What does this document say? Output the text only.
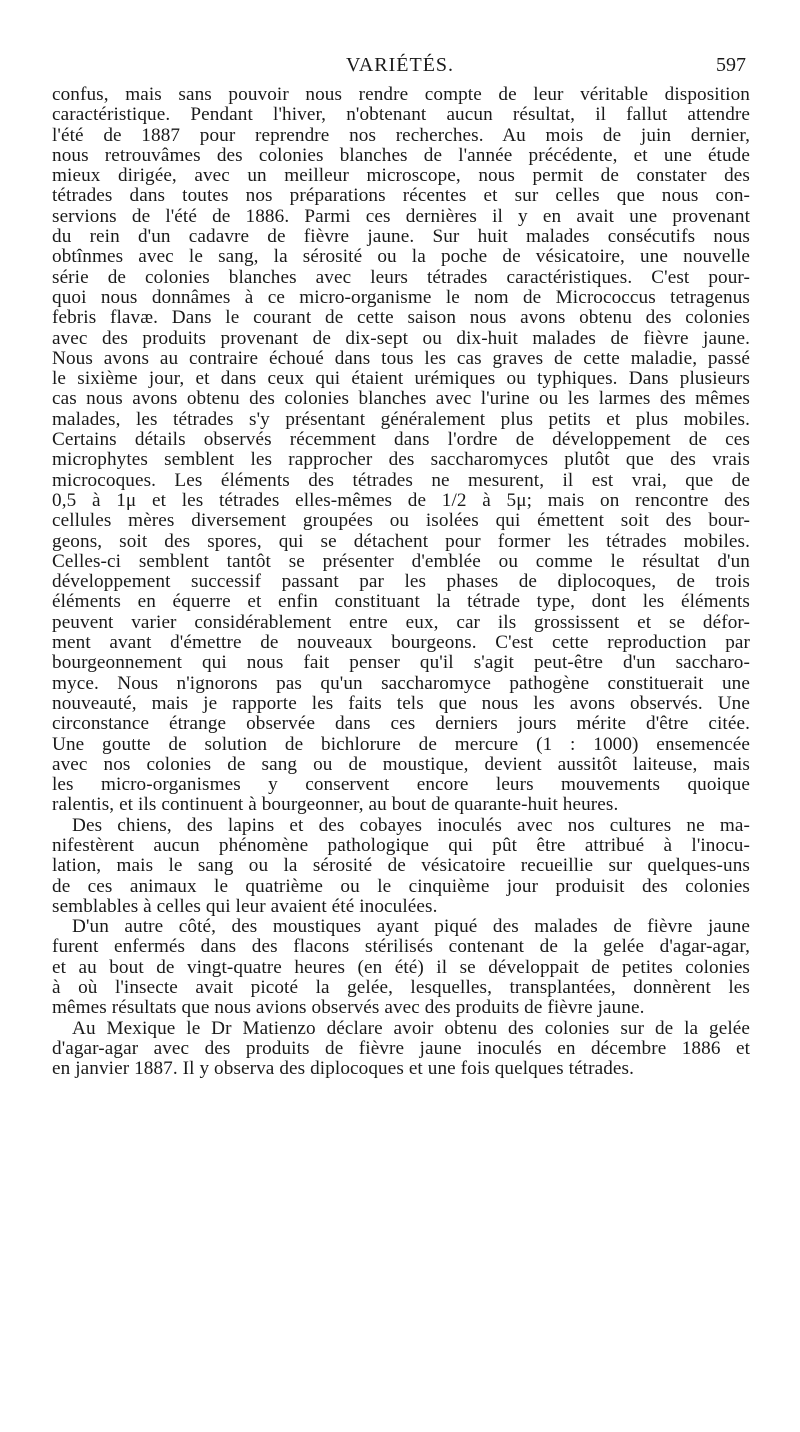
VARIÉTÉS.	597
confus, mais sans pouvoir nous rendre compte de leur véritable disposition
caractéristique. Pendant l'hiver, n'obtenant aucun résultat, il fallut attendre
l'été de 1887 pour reprendre nos recherches. Au mois de juin dernier,
nous retrouvâmes des colonies blanches de l'année précédente, et une étude
mieux dirigée, avec un meilleur microscope, nous permit de constater des
tétrades dans toutes nos préparations récentes et sur celles que nous con-
servions de l'été de 1886. Parmi ces dernières il y en avait une provenant
du rein d'un cadavre de fièvre jaune. Sur huit malades consécutifs nous
obtînmes avec le sang, la sérosité ou la poche de vésicatoire, une nouvelle
série de colonies blanches avec leurs tétrades caractéristiques. C'est pour-
quoi nous donnâmes à ce micro-organisme le nom de Micrococcus tetragenus
febris flavæ. Dans le courant de cette saison nous avons obtenu des colonies
avec des produits provenant de dix-sept ou dix-huit malades de fièvre jaune.
Nous avons au contraire échoué dans tous les cas graves de cette maladie, passé
le sixième jour, et dans ceux qui étaient urémiques ou typhiques. Dans plusieurs
cas nous avons obtenu des colonies blanches avec l'urine ou les larmes des mêmes
malades, les tétrades s'y présentant généralement plus petits et plus mobiles.
Certains détails observés récemment dans l'ordre de développement de ces
microphytes semblent les rapprocher des saccharomyces plutôt que des vrais
microcoques. Les éléments des tétrades ne mesurent, il est vrai, que de
0,5 à 1μ et les tétrades elles-mêmes de 1/2 à 5μ; mais on rencontre des
cellules mères diversement groupées ou isolées qui émettent soit des bour-
geons, soit des spores, qui se détachent pour former les tétrades mobiles.
Celles-ci semblent tantôt se présenter d'emblée ou comme le résultat d'un
développement successif passant par les phases de diplocoques, de trois
éléments en équerre et enfin constituant la tétrade type, dont les éléments
peuvent varier considérablement entre eux, car ils grossissent et se défor-
ment avant d'émettre de nouveaux bourgeons. C'est cette reproduction par
bourgeonnement qui nous fait penser qu'il s'agit peut-être d'un saccharo-
myce. Nous n'ignorons pas qu'un saccharomyce pathogène constituerait une
nouveauté, mais je rapporte les faits tels que nous les avons observés. Une
circonstance étrange observée dans ces derniers jours mérite d'être citée.
Une goutte de solution de bichlorure de mercure (1 : 1000) ensemencée
avec nos colonies de sang ou de moustique, devient aussitôt laiteuse, mais
les micro-organismes y conservent encore leurs mouvements quoique
ralentis, et ils continuent à bourgeonner, au bout de quarante-huit heures.
Des chiens, des lapins et des cobayes inoculés avec nos cultures ne ma-
nifestèrent aucun phénomène pathologique qui pût être attribué à l'inocu-
lation, mais le sang ou la sérosité de vésicatoire recueillie sur quelques-uns
de ces animaux le quatrième ou le cinquième jour produisit des colonies
semblables à celles qui leur avaient été inoculées.
D'un autre côté, des moustiques ayant piqué des malades de fièvre jaune
furent enfermés dans des flacons stérilisés contenant de la gelée d'agar-agar,
et au bout de vingt-quatre heures (en été) il se développait de petites colonies
à où l'insecte avait picoté la gelée, lesquelles, transplantées, donnèrent les
mêmes résultats que nous avions observés avec des produits de fièvre jaune.
Au Mexique le Dr Matienzo déclare avoir obtenu des colonies sur de la gelée
d'agar-agar avec des produits de fièvre jaune inoculés en décembre 1886 et
en janvier 1887. Il y observa des diplocoques et une fois quelques tétrades.
